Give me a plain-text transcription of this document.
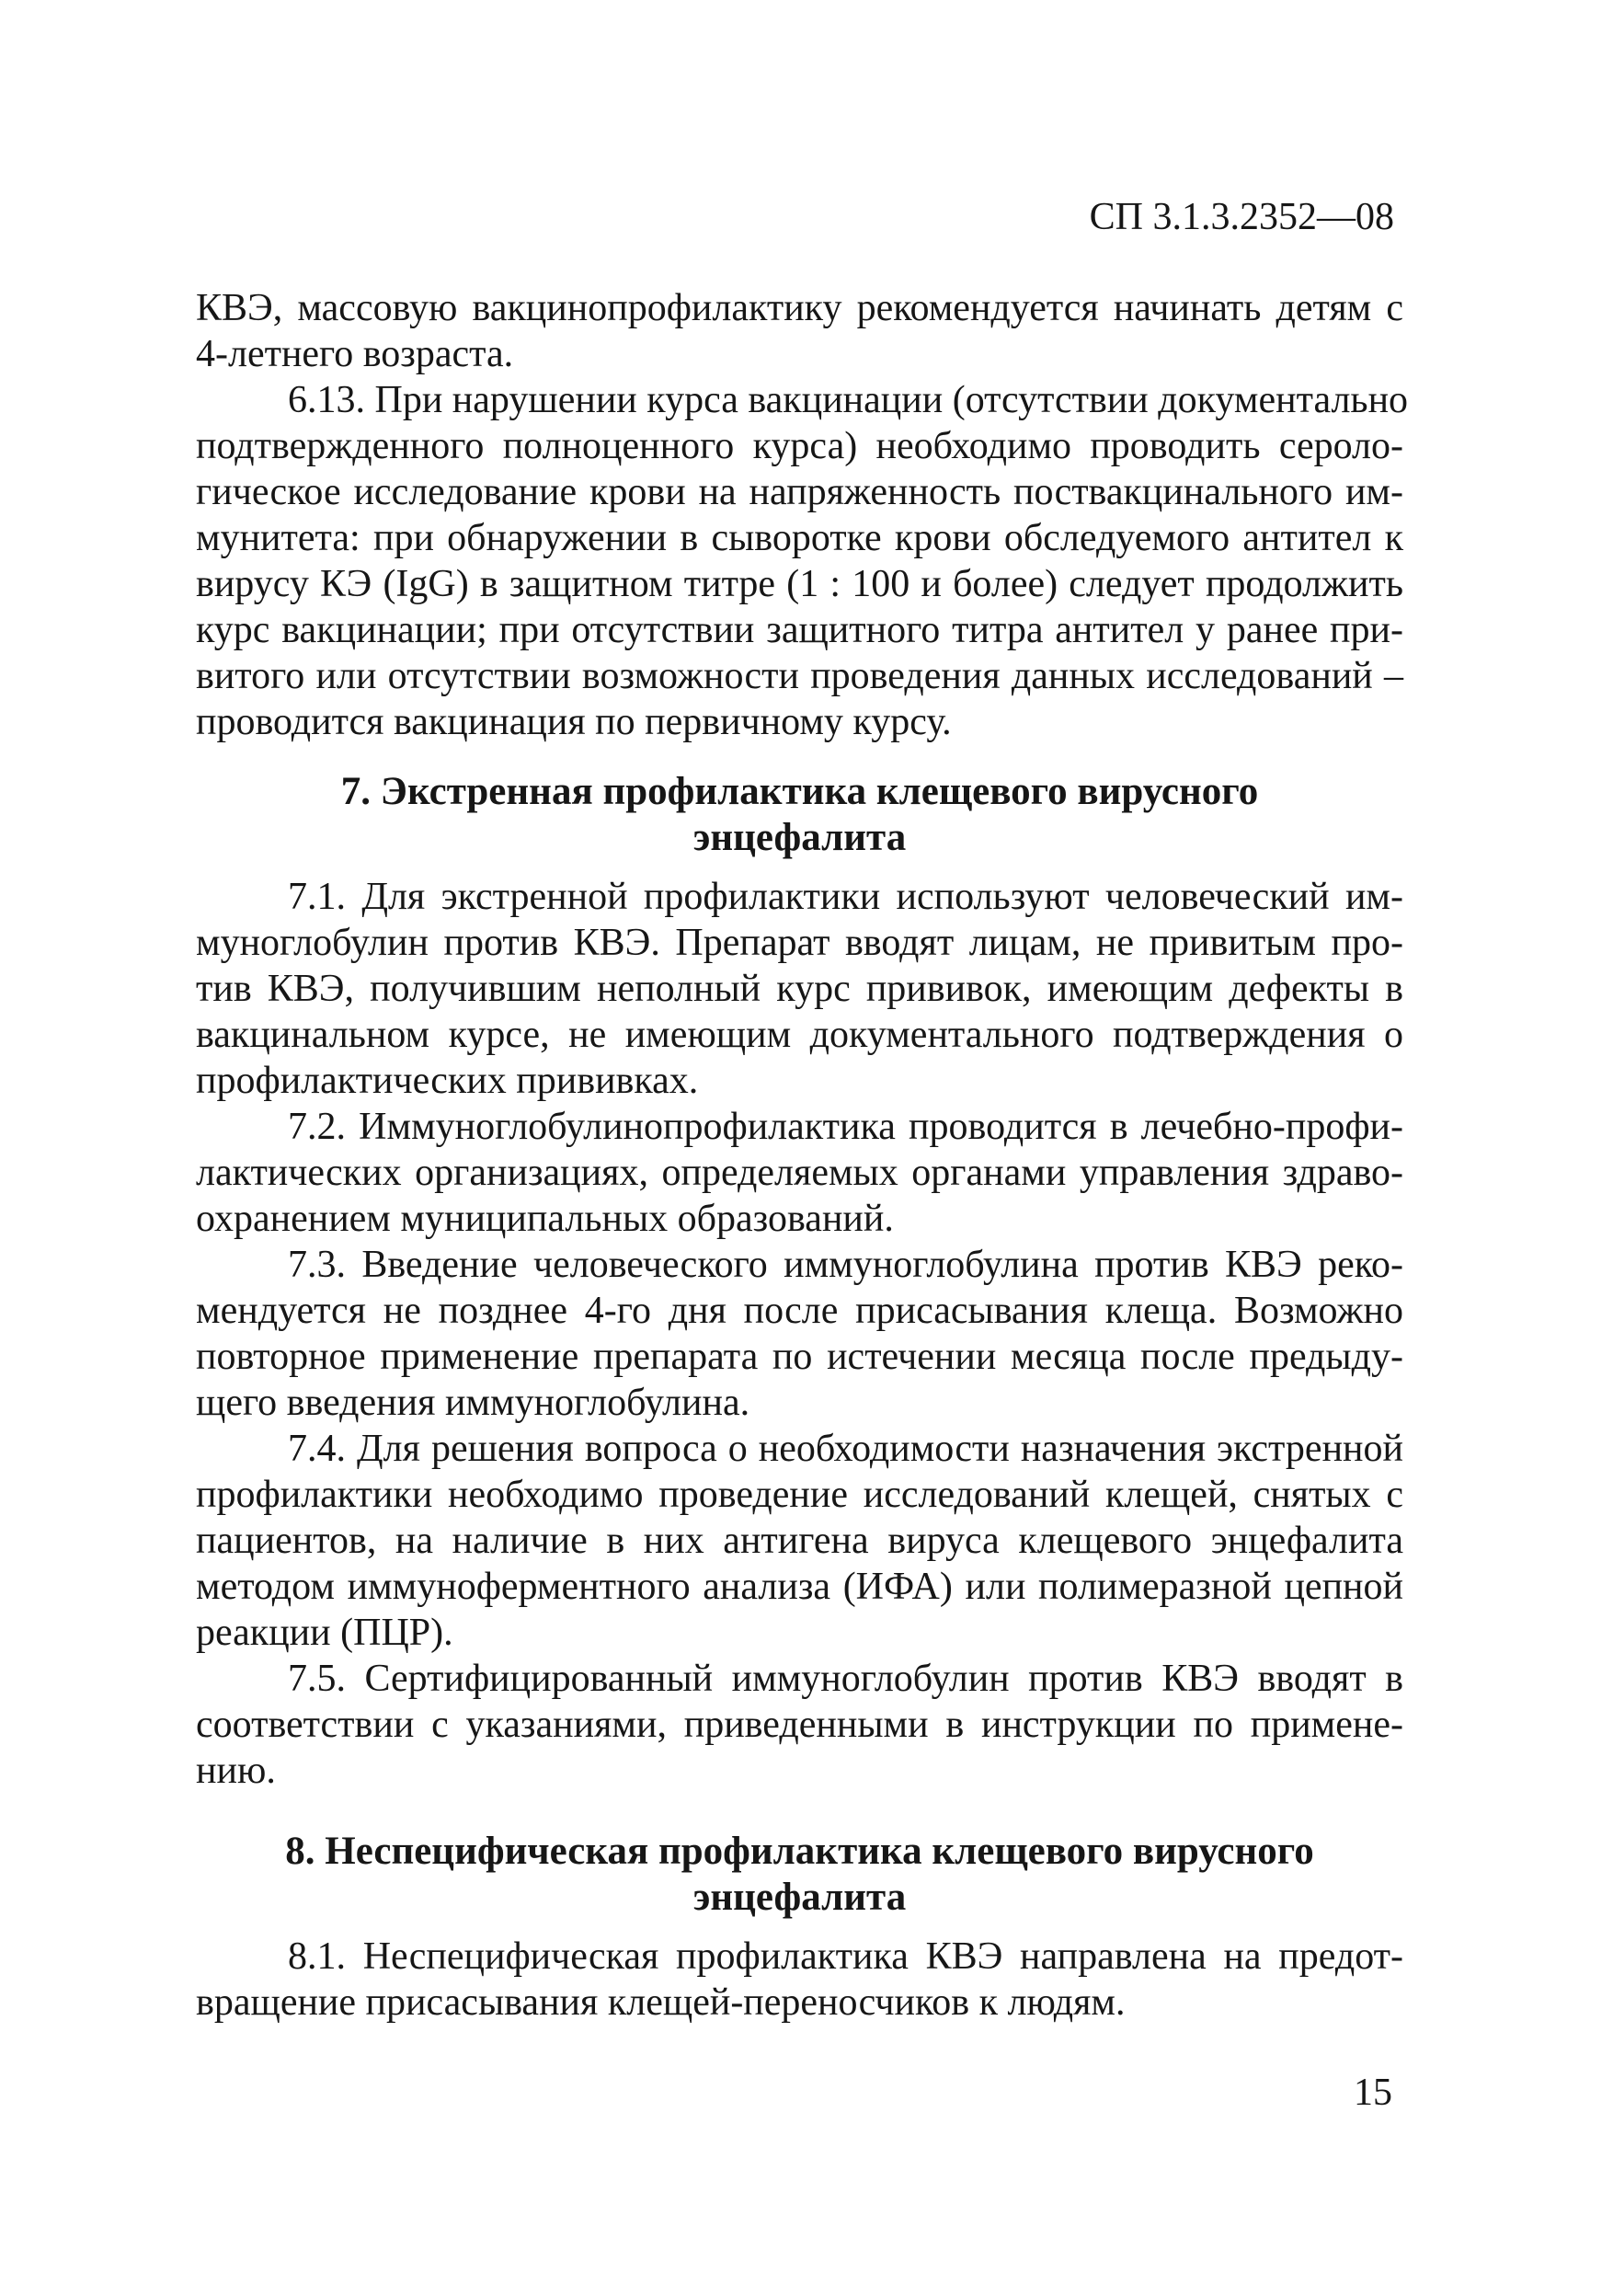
СП 3.1.3.2352—08

КВЭ, массовую вакцинопрофилактику рекомендуется начинать детям с
4-летнего возраста.

6.13. При нарушении курса вакцинации (отсутствии документально
подтвержденного полноценного курса) необходимо проводить сероло-
гическое исследование крови на напряженность поствакцинального им-
мунитета: при обнаружении в сыворотке крови обследуемого антител к
вирусу КЭ (IgG) в защитном титре (1 : 100 и более) следует продолжить
курс вакцинации; при отсутствии защитного титра антител у ранее при-
витого или отсутствии возможности проведения данных исследований –
проводится вакцинация по первичному курсу.

7. Экстренная профилактика клещевого вирусного
энцефалита

7.1. Для экстренной профилактики используют человеческий им-
муноглобулин против КВЭ. Препарат вводят лицам, не привитым про-
тив КВЭ, получившим неполный курс прививок, имеющим дефекты в
вакцинальном курсе, не имеющим документального подтверждения о
профилактических прививках.

7.2. Иммуноглобулинопрофилактика проводится в лечебно-профи-
лактических организациях, определяемых органами управления здраво-
охранением муниципальных образований.

7.3. Введение человеческого иммуноглобулина против КВЭ реко-
мендуется не позднее 4-го дня после присасывания клеща. Возможно
повторное применение препарата по истечении месяца после предыду-
щего введения иммуноглобулина.

7.4. Для решения вопроса о необходимости назначения экстренной
профилактики необходимо проведение исследований клещей, снятых с
пациентов, на наличие в них антигена вируса клещевого энцефалита
методом иммуноферментного анализа (ИФА) или полимеразной цепной
реакции (ПЦР).

7.5. Сертифицированный иммуноглобулин против КВЭ вводят в
соответствии с указаниями, приведенными в инструкции по примене-
нию.

8. Неспецифическая профилактика клещевого вирусного
энцефалита

8.1. Неспецифическая профилактика КВЭ направлена на предот-
вращение присасывания клещей-переносчиков к людям.

15
